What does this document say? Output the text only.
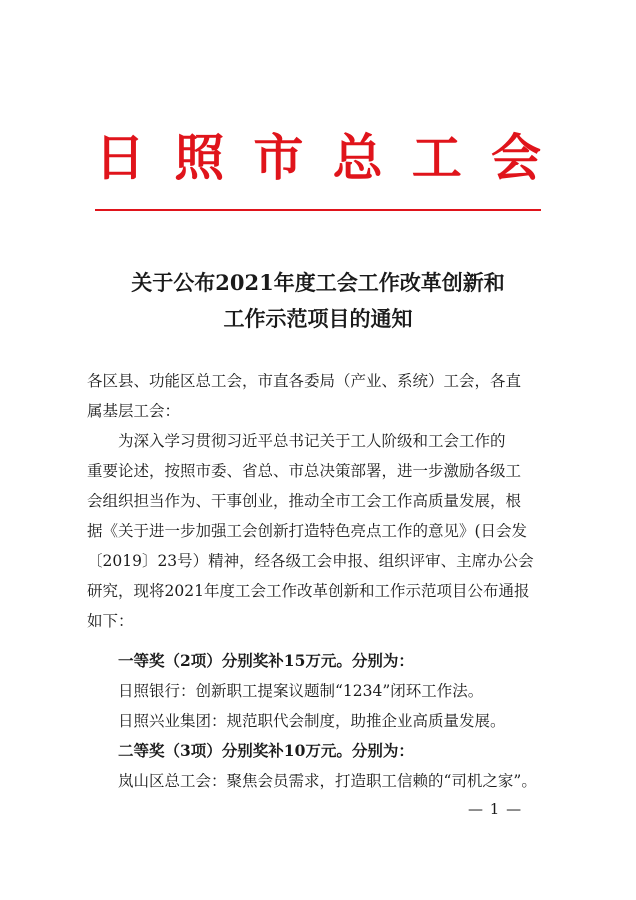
日 照 市 总 工 会
关于公布2021年度工会工作改革创新和
工作示范项目的通知
各区县、功能区总工会，市直各委局（产业、系统）工会，各直
属基层工会：
为深入学习贯彻习近平总书记关于工人阶级和工会工作的
重要论述，按照市委、省总、市总决策部署，进一步激励各级工
会组织担当作为、干事创业，推动全市工会工作高质量发展，根
据《关于进一步加强工会创新打造特色亮点工作的意见》(日会发
〔2019〕23号）精神，经各级工会申报、组织评审、主席办公会
研究，现将2021年度工会工作改革创新和工作示范项目公布通报
如下：
一等奖（2项）分别奖补15万元。分别为：
日照银行：创新职工提案议题制“1234”闭环工作法。
日照兴业集团：规范职代会制度，助推企业高质量发展。
二等奖（3项）分别奖补10万元。分别为：
岚山区总工会：聚焦会员需求，打造职工信赖的“司机之家”。
— 1 —
